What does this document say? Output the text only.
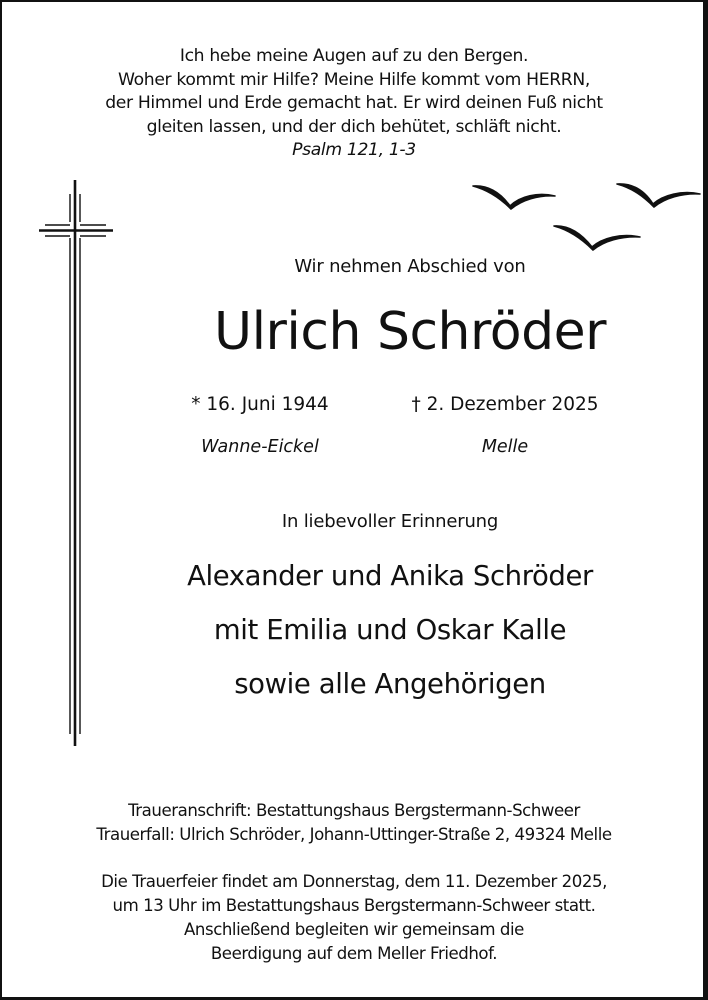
Ich hebe meine Augen auf zu den Bergen.
Woher kommt mir Hilfe? Meine Hilfe kommt vom HERRN,
der Himmel und Erde gemacht hat. Er wird deinen Fuß nicht
gleiten lassen, und der dich behütet, schläft nicht.
Psalm 121, 1-3
Wir nehmen Abschied von
Ulrich Schröder
* 16. Juni 1944	† 2. Dezember 2025
Wanne-Eickel	Melle
In liebevoller Erinnerung
Alexander und Anika Schröder
mit Emilia und Oskar Kalle
sowie alle Angehörigen
Traueranschrift: Bestattungshaus Bergstermann-Schweer
Trauerfall: Ulrich Schröder, Johann-Uttinger-Straße 2, 49324 Melle
Die Trauerfeier findet am Donnerstag, dem 11. Dezember 2025,
um 13 Uhr im Bestattungshaus Bergstermann-Schweer statt.
Anschließend begleiten wir gemeinsam die
Beerdigung auf dem Meller Friedhof.
